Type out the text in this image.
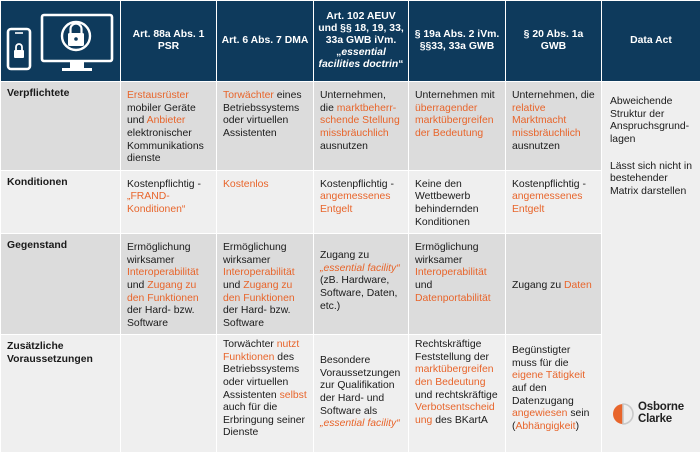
	Art. 88a Abs. 1 PSR	Art. 6 Abs. 7 DMA	Art. 102 AEUV und §§ 18, 19, 33, 33a GWB iVm. „essential facilities doctrin“	§ 19a Abs. 2 iVm. §§33, 33a GWB	§ 20 Abs. 1a GWB	Data Act
Verpflichtete	Erstausrüster mobiler Geräte und Anbieter elektronischer Kommunikations dienste	Torwächter eines Betriebssystems oder virtuellen Assistenten	Unternehmen, die marktbeherr-schende Stellung missbräuchlich ausnutzen	Unternehmen mit überragender marktübergreifen der Bedeutung	Unternehmen, die relative Marktmacht missbräuchlich ausnutzen	Abweichende Struktur der Anspruchsgrund-lagen
Lässt sich nicht in bestehender Matrix darstellen

Konditionen	Kostenpflichtig - „FRAND-Konditionen“	Kostenlos	Kostenpflichtig - angemessenes Entgelt	Keine den Wettbewerb behindernden Konditionen	Kostenpflichtig - angemessenes Entgelt	
Gegenstand	Ermöglichung wirksamer Interoperabilität und Zugang zu den Funktionen der Hard- bzw. Software	Ermöglichung wirksamer Interoperabilität und Zugang zu den Funktionen der Hard- bzw. Software	Zugang zu „essential facility“ (zB. Hardware, Software, Daten, etc.)	Ermöglichung wirksamer Interoperabilität und Datenportabilität	Zugang zu Daten	
Zusätzliche Voraussetzungen		Torwächter nutzt Funktionen des Betriebssystems oder virtuellen Assistenten selbst auch für die Erbringung seiner Dienste	Besondere Voraussetzungen zur Qualifikation der Hard- und Software als „essential facility“	Rechtskräftige Feststellung der marktübergreifen den Bedeutung und rechtskräftige Verbotsentscheid ung des BKartA	Begünstigter muss für die eigene Tätigkeit auf den Datenzugang angewiesen sein (Abhängigkeit)	
Osborne
Clarke
